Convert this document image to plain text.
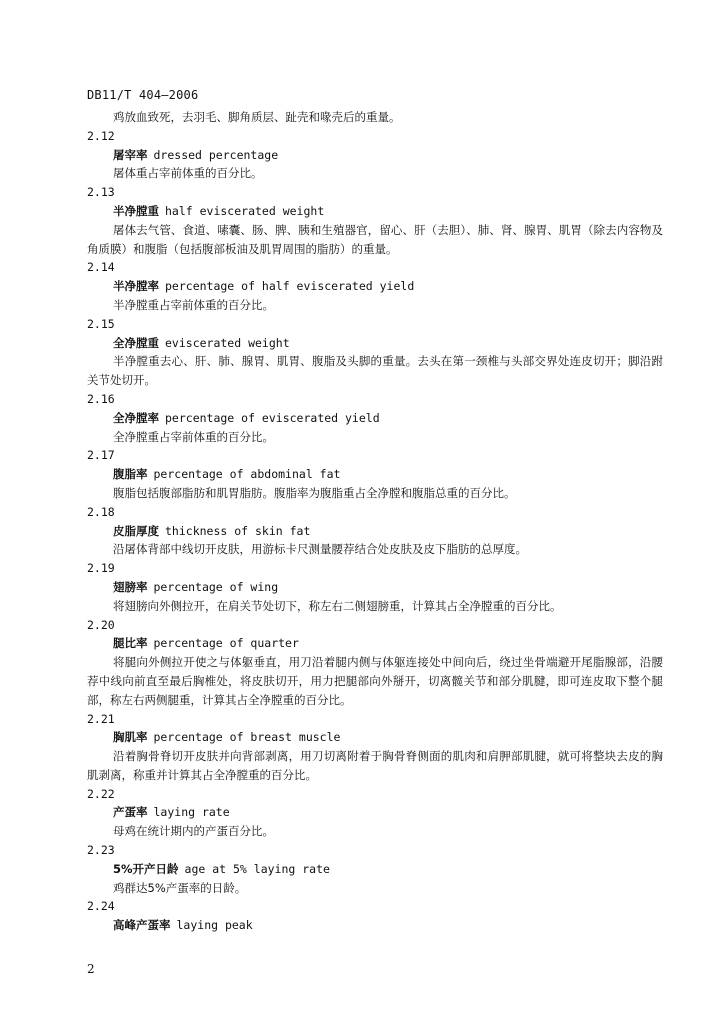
DB11/T 404—2006
鸡放血致死，去羽毛、脚角质层、趾壳和喙壳后的重量。
2.12
屠宰率 dressed percentage
屠体重占宰前体重的百分比。
2.13
半净膛重 half eviscerated weight
屠体去气管、食道、嗉囊、肠、脾、胰和生殖器官，留心、肝（去胆）、肺、肾、腺胃、肌胃（除去内容物及角质膜）和腹脂（包括腹部板油及肌胃周围的脂肪）的重量。
2.14
半净膛率 percentage of half eviscerated yield
半净膛重占宰前体重的百分比。
2.15
全净膛重 eviscerated weight
半净膛重去心、肝、肺、腺胃、肌胃、腹脂及头脚的重量。去头在第一颈椎与头部交界处连皮切开；脚沿跗关节处切开。
2.16
全净膛率 percentage of eviscerated yield
全净膛重占宰前体重的百分比。
2.17
腹脂率 percentage of abdominal fat
腹脂包括腹部脂肪和肌胃脂肪。腹脂率为腹脂重占全净膛和腹脂总重的百分比。
2.18
皮脂厚度 thickness of skin fat
沿屠体背部中线切开皮肤，用游标卡尺测量腰荐结合处皮肤及皮下脂肪的总厚度。
2.19
翅膀率 percentage of wing
将翅膀向外侧拉开，在肩关节处切下，称左右二侧翅膀重，计算其占全净膛重的百分比。
2.20
腿比率 percentage of quarter
将腿向外侧拉开使之与体躯垂直，用刀沿着腿内侧与体躯连接处中间向后，绕过坐骨端避开尾脂腺部，沿腰荐中线向前直至最后胸椎处，将皮肤切开，用力把腿部向外掰开，切离髋关节和部分肌腱，即可连皮取下整个腿部，称左右两侧腿重，计算其占全净膛重的百分比。
2.21
胸肌率 percentage of breast muscle
沿着胸骨脊切开皮肤并向背部剥离，用刀切离附着于胸骨脊侧面的肌肉和肩胛部肌腱，就可将整块去皮的胸肌剥离，称重并计算其占全净膛重的百分比。
2.22
产蛋率 laying rate
母鸡在统计期内的产蛋百分比。
2.23
5%开产日龄 age at 5% laying rate
鸡群达5%产蛋率的日龄。
2.24
高峰产蛋率 laying peak
2
